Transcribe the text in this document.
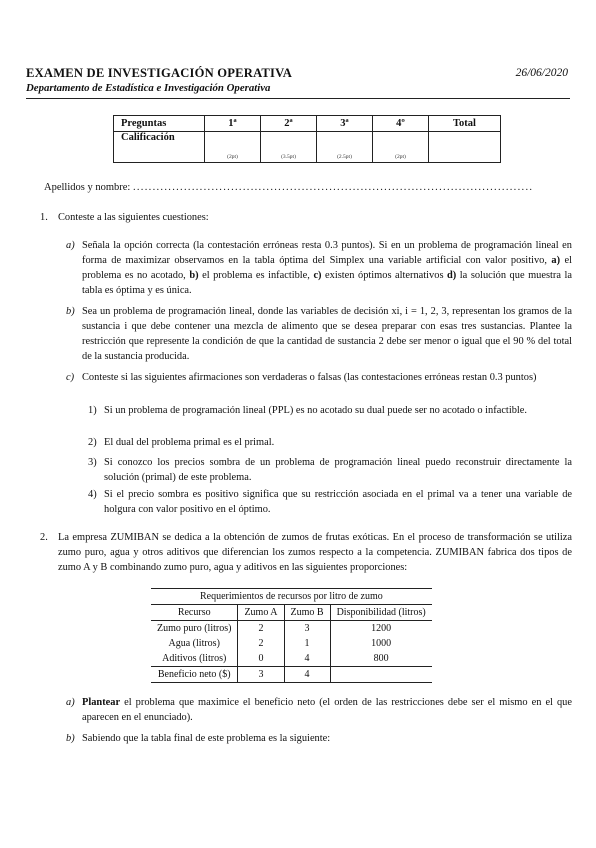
EXAMEN DE INVESTIGACIÓN OPERATIVA	26/06/2020
Departamento de Estadística e Investigación Operativa
Preguntas	1ª	2ª	3ª	4º	Total
Calificación	(2pt)	(3.5pt)	(2.5pt)	(2pt)	

Apellidos y nombre: ......................................................................................................
1. Conteste a las siguientes cuestiones:
a) Señala la opción correcta (la contestación erróneas resta 0.3 puntos). Si en un problema de programación lineal en forma de maximizar observamos en la tabla óptima del Simplex una variable artificial con valor positivo, a) el problema es no acotado, b) el problema es infactible, c) existen óptimos alternativos d) la solución que muestra la tabla es óptima y es única.
b) Sea un problema de programación lineal, donde las variables de decisión xi, i = 1, 2, 3, representan los gramos de la sustancia i que debe contener una mezcla de alimento que se desea preparar con esas tres sustancias. Plantee la restricción que represente la condición de que la cantidad de sustancia 2 debe ser menor o igual que el 90 % del total de la sustancia producida.
c) Conteste si las siguientes afirmaciones son verdaderas o falsas (las contestaciones erróneas restan 0.3 puntos)
1) Si un problema de programación lineal (PPL) es no acotado su dual puede ser no acotado o infactible.
2) El dual del problema primal es el primal.
3) Si conozco los precios sombra de un problema de programación lineal puedo reconstruir directamente la solución (primal) de este problema.
4) Si el precio sombra es positivo significa que su restricción asociada en el primal va a tener una variable de holgura con valor positivo en el óptimo.
2. La empresa ZUMIBAN se dedica a la obtención de zumos de frutas exóticas. En el proceso de transformación se utiliza zumo puro, agua y otros aditivos que diferencian los zumos respecto a la competencia. ZUMIBAN fabrica dos tipos de zumo A y B combinando zumo puro, agua y aditivos en las siguientes proporciones:
Requerimientos de recursos por litro de zumo			
Recurso	Zumo A	Zumo B	Disponibilidad (litros)
Zumo puro (litros)	2	3	1200
Agua (litros)	2	1	1000
Aditivos (litros)	0	4	800
Beneficio neto ($)	3	4	
a) Plantear el problema que maximice el beneficio neto (el orden de las restricciones debe ser el mismo en el que aparecen en el enunciado).
b) Sabiendo que la tabla final de este problema es la siguiente:
